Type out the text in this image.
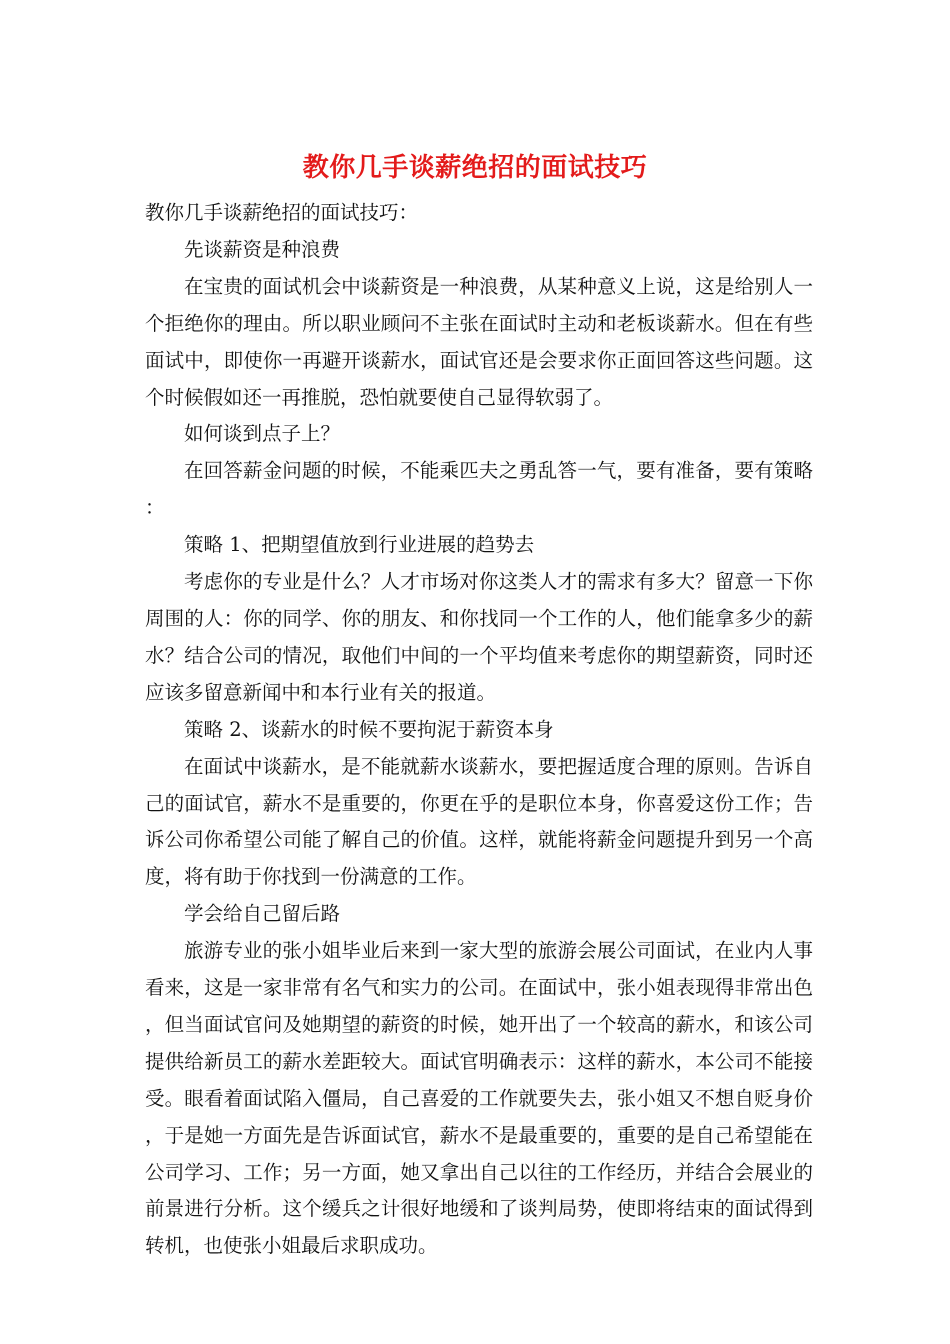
教你几手谈薪绝招的面试技巧

教你几手谈薪绝招的面试技巧：

先谈薪资是种浪费

在宝贵的面试机会中谈薪资是一种浪费，从某种意义上说，这是给别人一个拒绝你的理由。所以职业顾问不主张在面试时主动和老板谈薪水。但在有些面试中，即使你一再避开谈薪水，面试官还是会要求你正面回答这些问题。这个时候假如还一再推脱，恐怕就要使自己显得软弱了。

如何谈到点子上？

在回答薪金问题的时候，不能乘匹夫之勇乱答一气，要有准备，要有策略：

策略 1、把期望值放到行业进展的趋势去

考虑你的专业是什么？人才市场对你这类人才的需求有多大？留意一下你周围的人：你的同学、你的朋友、和你找同一个工作的人，他们能拿多少的薪水？结合公司的情况，取他们中间的一个平均值来考虑你的期望薪资，同时还应该多留意新闻中和本行业有关的报道。

策略 2、谈薪水的时候不要拘泥于薪资本身

在面试中谈薪水，是不能就薪水谈薪水，要把握适度合理的原则。告诉自己的面试官，薪水不是重要的，你更在乎的是职位本身，你喜爱这份工作；告诉公司你希望公司能了解自己的价值。这样，就能将薪金问题提升到另一个高度，将有助于你找到一份满意的工作。

学会给自己留后路

旅游专业的张小姐毕业后来到一家大型的旅游会展公司面试，在业内人事看来，这是一家非常有名气和实力的公司。在面试中，张小姐表现得非常出色，但当面试官问及她期望的薪资的时候，她开出了一个较高的薪水，和该公司提供给新员工的薪水差距较大。面试官明确表示：这样的薪水，本公司不能接受。眼看着面试陷入僵局，自己喜爱的工作就要失去，张小姐又不想自贬身价，于是她一方面先是告诉面试官，薪水不是最重要的，重要的是自己希望能在公司学习、工作；另一方面，她又拿出自己以往的工作经历，并结合会展业的前景进行分析。这个缓兵之计很好地缓和了谈判局势，使即将结束的面试得到转机，也使张小姐最后求职成功。
